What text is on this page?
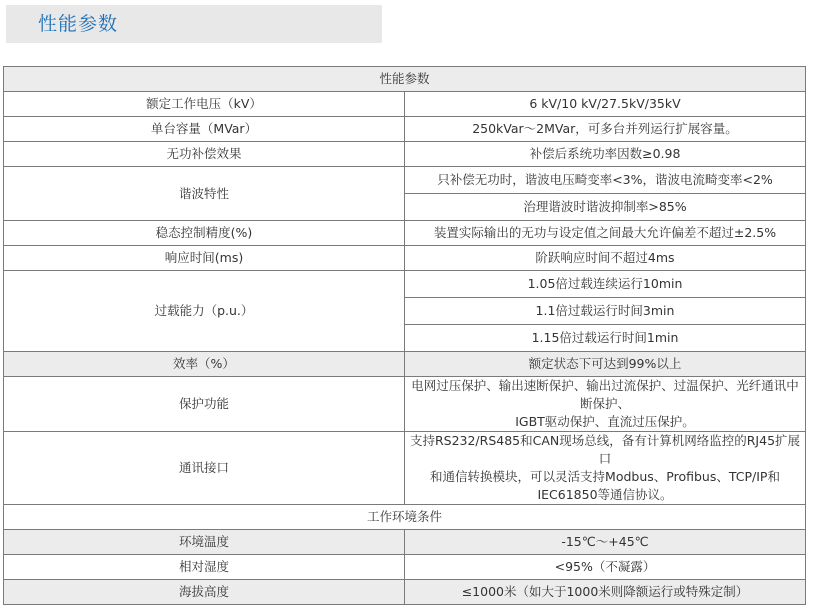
性能参数
性能参数	
额定工作电压（kV）	6 kV/10 kV/27.5kV/35kV
单台容量（MVar）	250kVar～2MVar，可多台并列运行扩展容量。
无功补偿效果	补偿后系统功率因数≥0.98
谐波特性	只补偿无功时，谐波电压畸变率<3%，谐波电流畸变率<2%
	治理谐波时谐波抑制率>85%
稳态控制精度(%)	装置实际输出的无功与设定值之间最大允许偏差不超过±2.5%
响应时间(ms)	阶跃响应时间不超过4ms
过载能力（p.u.）	1.05倍过载连续运行10min
	1.1倍过载运行时间3min
	1.15倍过载运行时间1min
效率（%）	额定状态下可达到99%以上
保护功能	电网过压保护、输出速断保护、输出过流保护、过温保护、光纤通讯中断保护、
IGBT驱动保护、直流过压保护。
通讯接口	支持RS232/RS485和CAN现场总线，备有计算机网络监控的RJ45扩展口
和通信转换模块，可以灵活支持Modbus、Profibus、TCP/IP和IEC61850等通信协议。
工作环境条件	
环境温度	-15℃～+45℃
相对湿度	<95%（不凝露）
海拔高度	≤1000米（如大于1000米则降额运行或特殊定制）
